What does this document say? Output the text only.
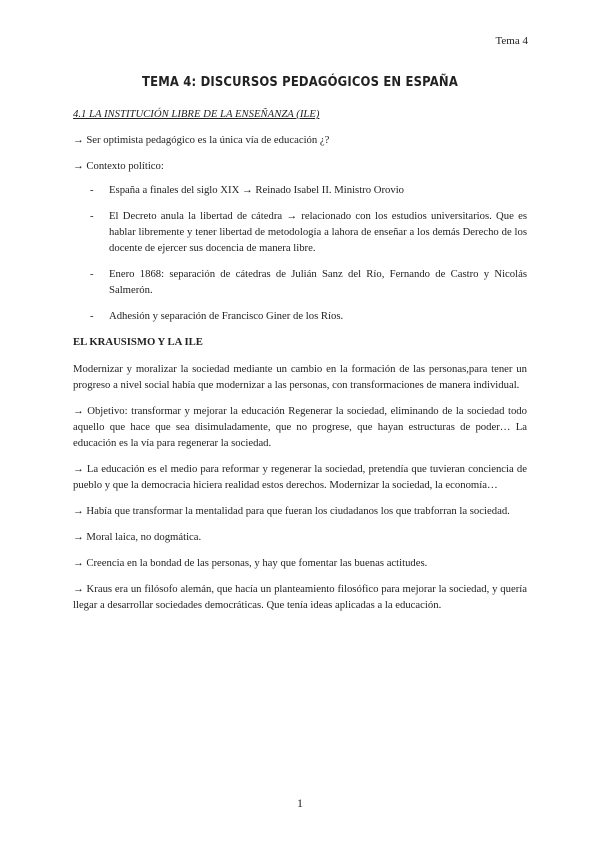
Tema 4
TEMA 4: DISCURSOS PEDAGÓGICOS EN ESPAÑA

4.1 LA INSTITUCIÓN LIBRE DE LA ENSEÑANZA (ILE)

→ Ser optimista pedagógico es la única vía de educación ¿?

→ Contexto político:

- España a finales del siglo XIX → Reinado Isabel II. Ministro Orovio
- El Decreto anula la libertad de cátedra → relacionado con los estudios universitarios. Que es hablar libremente y tener libertad de metodología a lahora de enseñar a los demás Derecho de los docente de ejercer sus docencia de manera libre.
- Enero 1868: separación de cátedras de Julián Sanz del Río, Fernando de Castro y Nicolás Salmerón.
- Adhesión y separación de Francisco Giner de los Ríos.

EL KRAUSISMO Y LA ILE

Modernizar y moralizar la sociedad mediante un cambio en la formación de las personas,para tener un progreso a nivel social había que modernizar a las personas, con transformaciones de manera individual.

→ Objetivo: transformar y mejorar la educación Regenerar la sociedad, eliminando de la sociedad todo aquello que hace que sea disimuladamente, que no progrese, que hayan estructuras de poder… La educación es la vía para regenerar la sociedad.

→ La educación es el medio para reformar y regenerar la sociedad, pretendía que tuvieran conciencia de pueblo y que la democracia hiciera realidad estos derechos. Modernizar la sociedad, la economía…

→ Había que transformar la mentalidad para que fueran los ciudadanos los que trabforran la sociedad.

→ Moral laica, no dogmática.

→ Creencia en la bondad de las personas, y hay que fomentar las buenas actitudes.

→ Kraus era un filósofo alemán, que hacía un planteamiento filosófico para mejorar la sociedad, y quería llegar a desarrollar sociedades democráticas. Que tenía ideas aplicadas a la educación.

1
